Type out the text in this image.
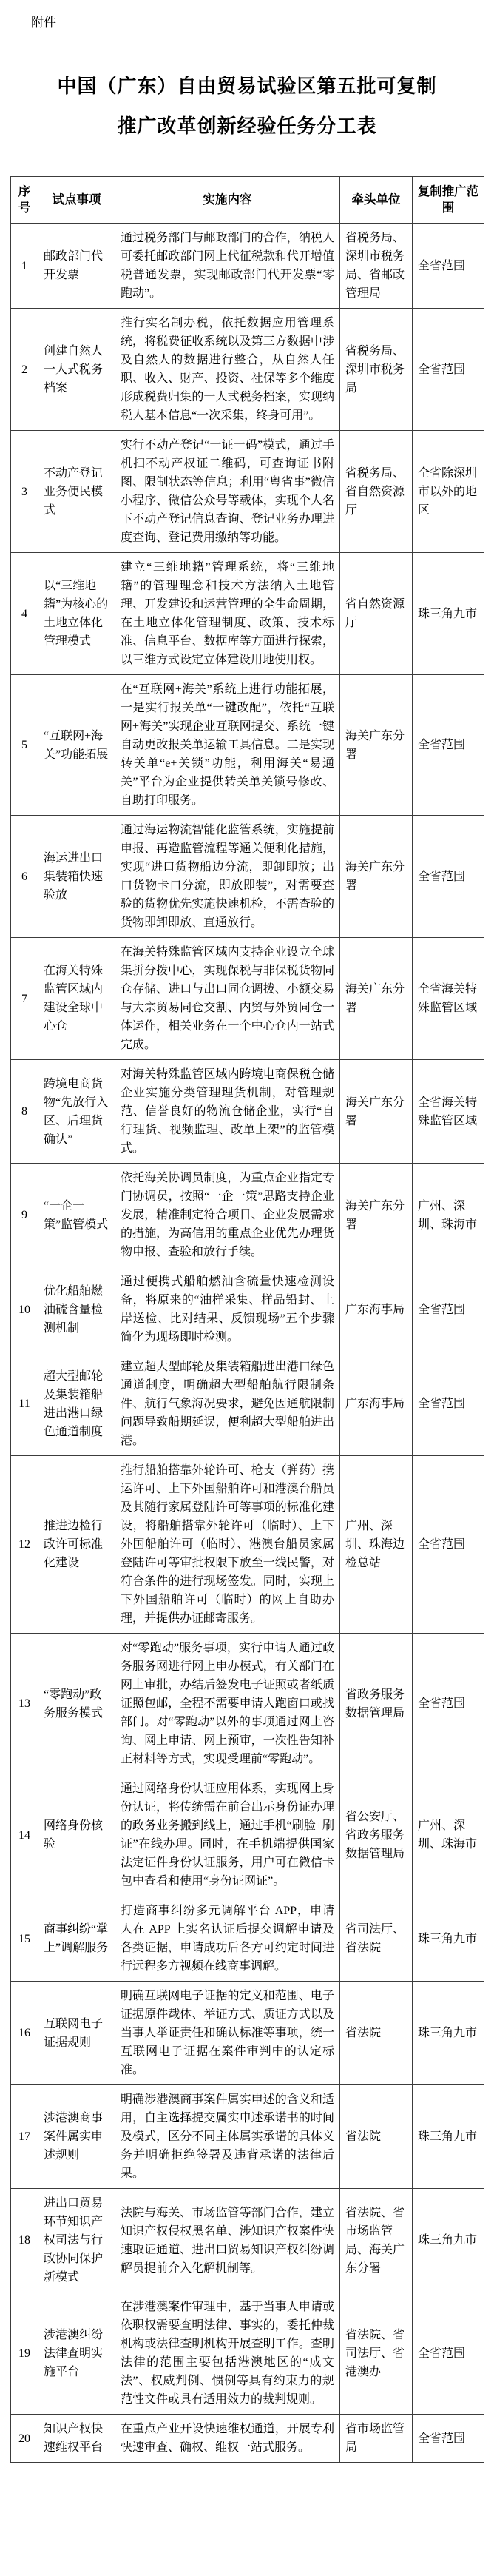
附件
中国（广东）自由贸易试验区第五批可复制
推广改革创新经验任务分工表
序号	试点事项	实施内容	牵头单位	复制推广范围
1	邮政部门代开发票	通过税务部门与邮政部门的合作，纳税人可委托邮政部门网上代征税款和代开增值税普通发票，实现邮政部门代开发票“零跑动”。	省税务局、深圳市税务局、省邮政管理局	全省范围
2	创建自然人一人式税务档案	推行实名制办税，依托数据应用管理系统，将税费征收系统以及第三方数据中涉及自然人的数据进行整合，从自然人任职、收入、财产、投资、社保等多个维度形成税费归集的一人式税务档案，实现纳税人基本信息“一次采集，终身可用”。	省税务局、深圳市税务局	全省范围
3	不动产登记业务便民模式	实行不动产登记“一证一码”模式，通过手机扫不动产权证二维码，可查询证书附图、限制状态等信息；利用“粤省事”微信小程序、微信公众号等载体，实现个人名下不动产登记信息查询、登记业务办理进度查询、登记费用缴纳等功能。	省税务局、省自然资源厅	全省除深圳市以外的地区
4	以“三维地籍”为核心的土地立体化管理模式	建立“三维地籍”管理系统，将“三维地籍”的管理理念和技术方法纳入土地管理、开发建设和运营管理的全生命周期，在土地立体化管理制度、政策、技术标准、信息平台、数据库等方面进行探索，以三维方式设定立体建设用地使用权。	省自然资源厅	珠三角九市
5	“互联网+海关”功能拓展	在“互联网+海关”系统上进行功能拓展，一是实行报关单“一键改配”，依托“互联网+海关”实现企业互联网提交、系统一键自动更改报关单运输工具信息。二是实现转关单“e+关锁”功能，利用海关“易通关”平台为企业提供转关单关锁号修改、自助打印服务。	海关广东分署	全省范围
6	海运进出口集装箱快速验放	通过海运物流智能化监管系统，实施提前申报、再造监管流程等通关便利化措施，实现“进口货物船边分流，即卸即放；出口货物卡口分流，即放即装”，对需要查验的货物优先实施快速机检，不需查验的货物即卸即放、直通放行。	海关广东分署	全省范围
7	在海关特殊监管区域内建设全球中心仓	在海关特殊监管区域内支持企业设立全球集拼分拨中心，实现保税与非保税货物同仓存储、进口与出口同仓调拨、小额交易与大宗贸易同仓交割、内贸与外贸同仓一体运作，相关业务在一个中心仓内一站式完成。	海关广东分署	全省海关特殊监管区域
8	跨境电商货物“先放行入区、后理货确认”	对海关特殊监管区域内跨境电商保税仓储企业实施分类管理理货机制，对管理规范、信誉良好的物流仓储企业，实行“自行理货、视频监理、改单上架”的监管模式。	海关广东分署	全省海关特殊监管区域
9	“一企一策”监管模式	依托海关协调员制度，为重点企业指定专门协调员，按照“一企一策”思路支持企业发展，精准制定符合项目、企业发展需求的措施，为高信用的重点企业优先办理货物申报、查验和放行手续。	海关广东分署	广州、深圳、珠海市
10	优化船舶燃油硫含量检测机制	通过便携式船舶燃油含硫量快速检测设备，将原来的“油样采集、样品铅封、上岸送检、比对结果、反馈现场”五个步骤简化为现场即时检测。	广东海事局	全省范围
11	超大型邮轮及集装箱船进出港口绿色通道制度	建立超大型邮轮及集装箱船进出港口绿色通道制度，明确超大型船舶航行限制条件、航行气象海况要求，避免因通航限制问题导致船期延误，便利超大型船舶进出港。	广东海事局	全省范围
12	推进边检行政许可标准化建设	推行船舶搭靠外轮许可、枪支（弹药）携运许可、上下外国船舶许可和港澳台船员及其随行家属登陆许可等事项的标准化建设，将船舶搭靠外轮许可（临时）、上下外国船舶许可（临时）、港澳台船员家属登陆许可等审批权限下放至一线民警，对符合条件的进行现场签发。同时，实现上下外国船舶许可（临时）的网上自助办理，并提供办证邮寄服务。	广州、深圳、珠海边检总站	全省范围
13	“零跑动”政务服务模式	对“零跑动”服务事项，实行申请人通过政务服务网进行网上申办模式，有关部门在网上审批，办结后签发电子证照或者纸质证照包邮，全程不需要申请人跑窗口或找部门。对“零跑动”以外的事项通过网上咨询、网上申请、网上预审，一次性告知补正材料等方式，实现受理前“零跑动”。	省政务服务数据管理局	全省范围
14	网络身份核验	通过网络身份认证应用体系，实现网上身份认证，将传统需在前台出示身份证办理的政务业务搬到线上，通过手机“刷脸+刷证”在线办理。同时，在手机端提供国家法定证件身份认证服务，用户可在微信卡包中查看和使用“身份证网证”。	省公安厅、省政务服务数据管理局	广州、深圳、珠海市
15	商事纠纷“掌上”调解服务	打造商事纠纷多元调解平台 APP，申请人在 APP 上实名认证后提交调解申请及各类证据，申请成功后各方可约定时间进行远程多方视频在线商事调解。	省司法厅、省法院	珠三角九市
16	互联网电子证据规则	明确互联网电子证据的定义和范围、电子证据原件载体、举证方式、质证方式以及当事人举证责任和确认标准等事项，统一互联网电子证据在案件审判中的认定标准。	省法院	珠三角九市
17	涉港澳商事案件属实申述规则	明确涉港澳商事案件属实申述的含义和适用，自主选择提交属实申述承诺书的时间及模式，区分不同主体属实承诺的具体义务并明确拒绝签署及违背承诺的法律后果。	省法院	珠三角九市
18	进出口贸易环节知识产权司法与行政协同保护新模式	法院与海关、市场监管等部门合作，建立知识产权侵权黑名单、涉知识产权案件快速取证通道、进出口贸易知识产权纠纷调解员提前介入化解机制等。	省法院、省市场监管局、海关广东分署	珠三角九市
19	涉港澳纠纷法律查明实施平台	在涉港澳案件审理中，基于当事人申请或依职权需要查明法律、事实的，委托仲裁机构或法律查明机构开展查明工作。查明法律的范围主要包括港澳地区的“成文法”、权威判例、惯例等具有约束力的规范性文件或具有适用效力的裁判规则。	省法院、省司法厅、省港澳办	全省范围
20	知识产权快速维权平台	在重点产业开设快速维权通道，开展专利快速审查、确权、维权一站式服务。	省市场监管局	全省范围
